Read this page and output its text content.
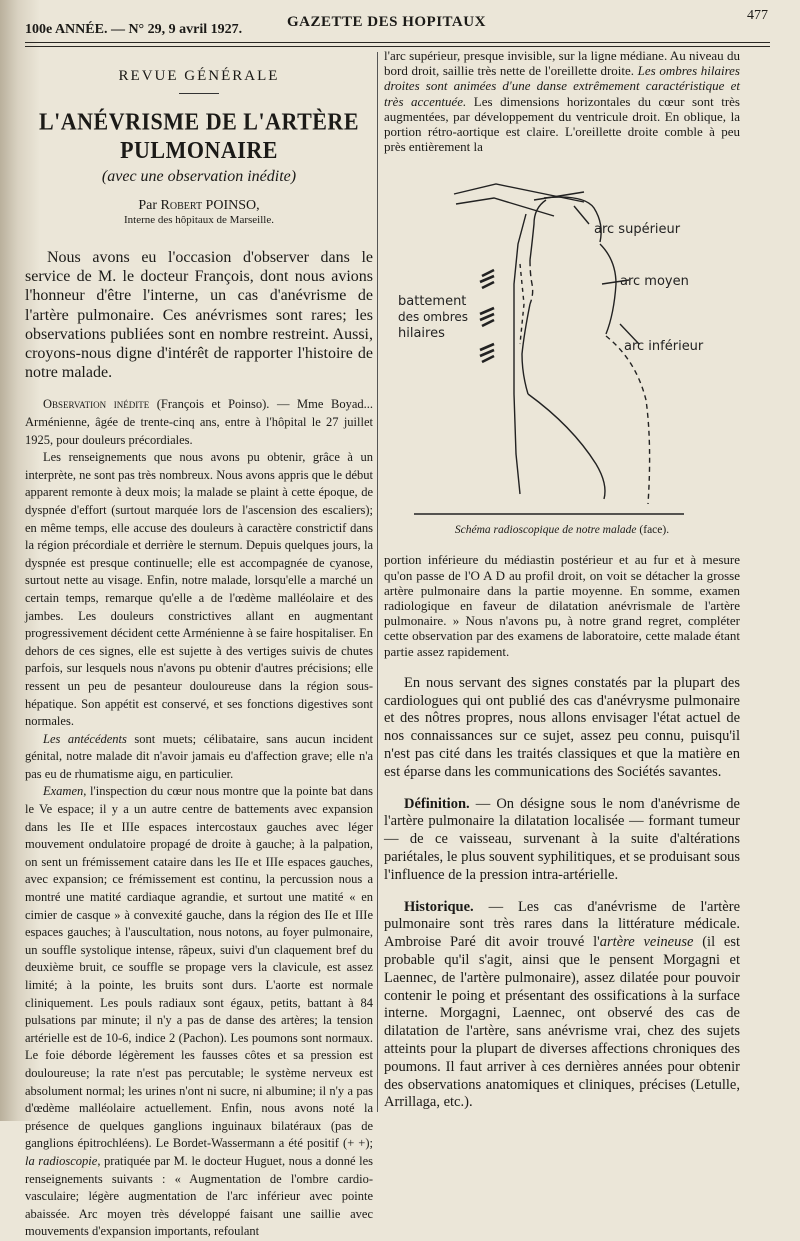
100e ANNÉE. — N° 29, 9 avril 1927.	GAZETTE DES HOPITAUX	477
REVUE GÉNÉRALE
L'ANÉVRISME DE L'ARTÈRE PULMONAIRE
(avec une observation inédite)
Par Robert POINSO,
Interne des hôpitaux de Marseille.

Nous avons eu l'occasion d'observer dans le service de M. le docteur François, dont nous avions l'honneur d'être l'interne, un cas d'anévrisme de l'artère pulmonaire. Ces anévrismes sont rares; les observations publiées sont en nombre restreint. Aussi, croyons-nous digne d'intérêt de rapporter l'histoire de notre malade.

Observation inédite (François et Poinso). — Mme Boyad... Arménienne, âgée de trente-cinq ans, entre à l'hôpital le 27 juillet 1925, pour douleurs précordiales.

Les renseignements que nous avons pu obtenir, grâce à un interprète, ne sont pas très nombreux. Nous avons appris que le début apparent remonte à deux mois; la malade se plaint à cette époque, de dyspnée d'effort (surtout marquée lors de l'ascension des escaliers); en même temps, elle accuse des douleurs à caractère constrictif dans la région précordiale et derrière le sternum. Depuis quelques jours, la dyspnée est presque continuelle; elle est accompagnée de cyanose, surtout nette au visage. Enfin, notre malade, lorsqu'elle a marché un certain temps, remarque qu'elle a de l'œdème malléolaire et des jambes. Les douleurs constrictives allant en augmentant progressivement décident cette Arménienne à se faire hospitaliser. En dehors de ces signes, elle est sujette à des vertiges suivis de chutes parfois, sur lesquels nous n'avons pu obtenir d'autres précisions; elle ressent un peu de pesanteur douloureuse dans la région sous-hépatique. Son appétit est conservé, et ses fonctions digestives sont normales.

Les antécédents sont muets; célibataire, sans aucun incident génital, notre malade dit n'avoir jamais eu d'affection grave; elle n'a pas eu de rhumatisme aigu, en particulier.

Examen, l'inspection du cœur nous montre que la pointe bat dans le Ve espace; il y a un autre centre de battements avec expansion dans les IIe et IIIe espaces intercostaux gauches avec léger mouvement ondulatoire propagé de droite à gauche; à la palpation, on sent un frémissement cataire dans les IIe et IIIe espaces gauches, avec expansion; ce frémissement est continu, la percussion nous a montré une matité cardiaque agrandie, et surtout une matité « en cimier de casque » à convexité gauche, dans la région des IIe et IIIe espaces gauches; à l'auscultation, nous notons, au foyer pulmonaire, un souffle systolique intense, râpeux, suivi d'un claquement bref du deuxième bruit, ce souffle se propage vers la clavicule, est assez limité; à la pointe, les bruits sont durs. L'aorte est normale cliniquement. Les pouls radiaux sont égaux, petits, battant à 84 pulsations par minute; il n'y a pas de danse des artères; la tension artérielle est de 10-6, indice 2 (Pachon). Les poumons sont normaux. Le foie déborde légèrement les fausses côtes et sa pression est douloureuse; la rate n'est pas percutable; le système nerveux est absolument normal; les urines n'ont ni sucre, ni albumine; il n'y a pas d'œdème malléolaire actuellement. Enfin, nous avons noté la présence de quelques ganglions inguinaux bilatéraux (pas de ganglions épitrochléens). Le Bordet-Wassermann a été positif (+ +); la radioscopie, pratiquée par M. le docteur Huguet, nous a donné les renseignements suivants : « Augmentation de l'ombre cardio-vasculaire; légère augmentation de l'arc inférieur avec pointe abaissée. Arc moyen très développé faisant une saillie avec mouvements d'expansion importants, refoulant

l'arc supérieur, presque invisible, sur la ligne médiane. Au niveau du bord droit, saillie très nette de l'oreillette droite. Les ombres hilaires droites sont animées d'une danse extrêmement caractéristique et très accentuée. Les dimensions horizontales du cœur sont très augmentées, par développement du ventricule droit. En oblique, la portion rétro-aortique est claire. L'oreillette droite comble à peu près entièrement la

arc supérieur
arc moyen
arc inférieur
battement
des ombres
hilaires
Schéma radioscopique de notre malade (face).

portion inférieure du médiastin postérieur et au fur et à mesure qu'on passe de l'O A D au profil droit, on voit se détacher la grosse artère pulmonaire dans la partie moyenne. En somme, examen radiologique en faveur de dilatation anévrismale de l'artère pulmonaire. » Nous n'avons pu, à notre grand regret, compléter cette observation par des examens de laboratoire, cette malade étant partie assez rapidement.

En nous servant des signes constatés par la plupart des cardiologues qui ont publié des cas d'anévrysme pulmonaire et des nôtres propres, nous allons envisager l'état actuel de nos connaissances sur ce sujet, assez peu connu, puisqu'il n'est pas cité dans les traités classiques et que la matière en est éparse dans les communications des Sociétés savantes.

Définition. — On désigne sous le nom d'anévrisme de l'artère pulmonaire la dilatation localisée — formant tumeur — de ce vaisseau, survenant à la suite d'altérations pariétales, le plus souvent syphilitiques, et se produisant sous l'influence de la pression intra-artérielle.

Historique. — Les cas d'anévrisme de l'artère pulmonaire sont très rares dans la littérature médicale. Ambroise Paré dit avoir trouvé l'artère veineuse (il est probable qu'il s'agit, ainsi que le pensent Morgagni et Laennec, de l'artère pulmonaire), assez dilatée pour pouvoir contenir le poing et présentant des ossifications à la surface interne. Morgagni, Laennec, ont observé des cas de dilatation de l'artère, sans anévrisme vrai, chez des sujets atteints pour la plupart de diverses affections chroniques des poumons. Il faut arriver à ces dernières années pour obtenir des observations anatomiques et cliniques, précises (Letulle, Arrillaga, etc.).
